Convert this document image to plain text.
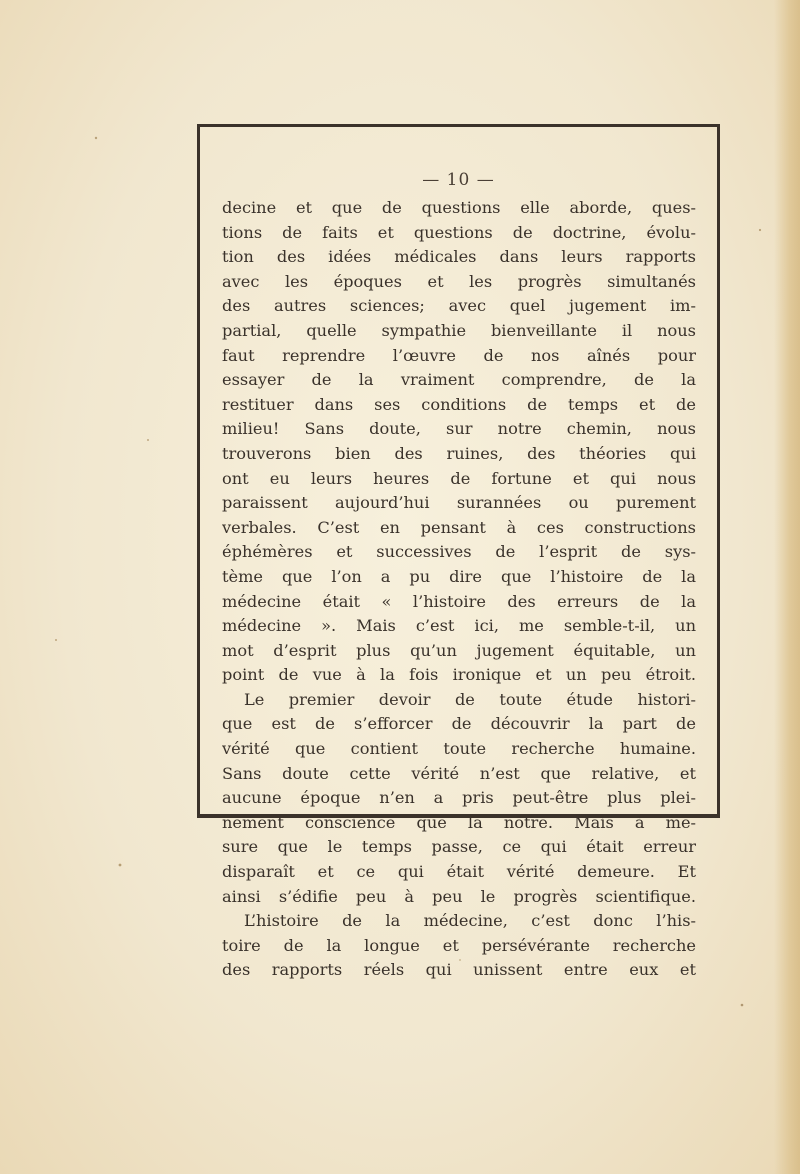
— 10 —
decine et que de questions elle aborde, ques-
tions de faits et questions de doctrine, évolu-
tion des idées médicales dans leurs rapports
avec les époques et les progrès simultanés
des autres sciences; avec quel jugement im-
partial, quelle sympathie bienveillante il nous
faut reprendre l’œuvre de nos aînés pour
essayer de la vraiment comprendre, de la
restituer dans ses conditions de temps et de
milieu! Sans doute, sur notre chemin, nous
trouverons bien des ruines, des théories qui
ont eu leurs heures de fortune et qui nous
paraissent aujourd’hui surannées ou purement
verbales. C’est en pensant à ces constructions
éphémères et successives de l’esprit de sys-
tème que l’on a pu dire que l’histoire de la
médecine était « l’histoire des erreurs de la
médecine ». Mais c’est ici, me semble-t-il, un
mot d’esprit plus qu’un jugement équitable, un
point de vue à la fois ironique et un peu étroit.
Le premier devoir de toute étude histori-
que est de s’efforcer de découvrir la part de
vérité que contient toute recherche humaine.
Sans doute cette vérité n’est que relative, et
aucune époque n’en a pris peut-être plus plei-
nement conscience que la nôtre. Mais à me-
sure que le temps passe, ce qui était erreur
disparaît et ce qui était vérité demeure. Et
ainsi s’édifie peu à peu le progrès scientifique.
L’histoire de la médecine, c’est donc l’his-
toire de la longue et persévérante recherche
des rapports réels qui unissent entre eux et
